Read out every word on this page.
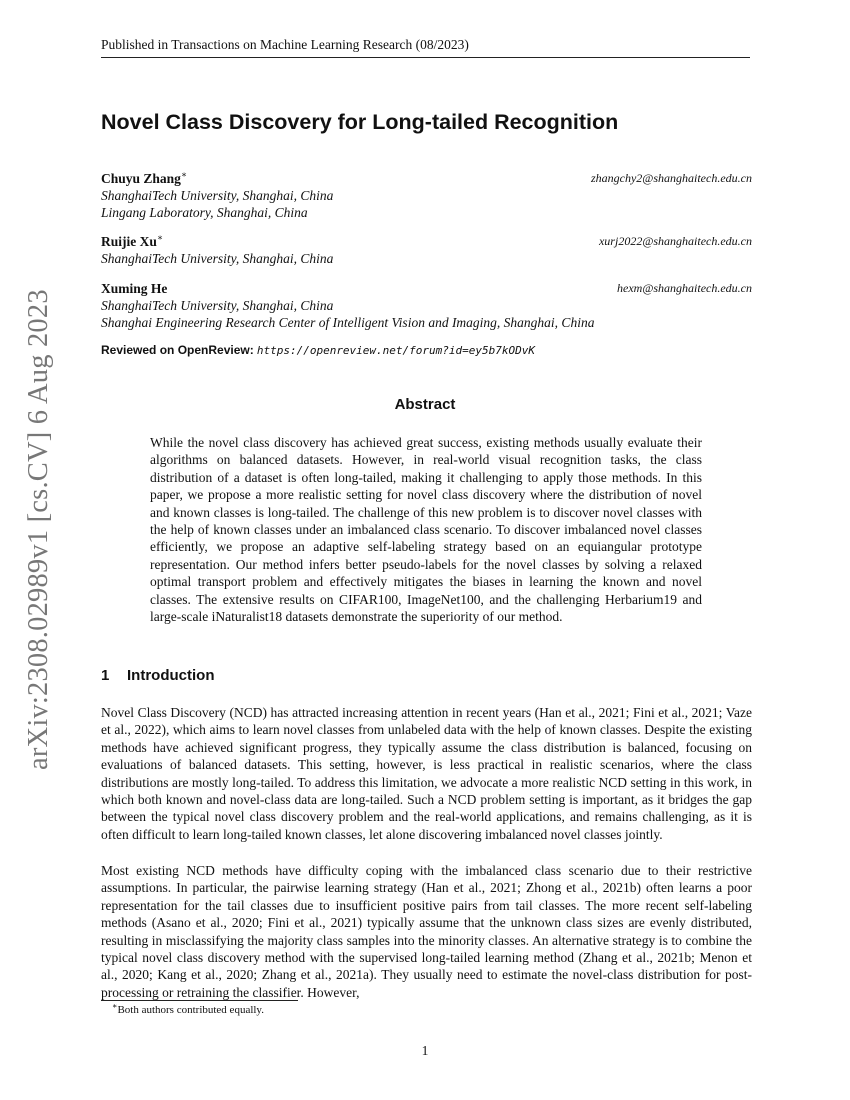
Published in Transactions on Machine Learning Research (08/2023)
arXiv:2308.02989v1 [cs.CV] 6 Aug 2023
Novel Class Discovery for Long-tailed Recognition
Chuyu Zhang∗	zhangchy2@shanghaitech.edu.cn
ShanghaiTech University, Shanghai, China
Lingang Laboratory, Shanghai, China
Ruijie Xu∗	xurj2022@shanghaitech.edu.cn
ShanghaiTech University, Shanghai, China
Xuming He	hexm@shanghaitech.edu.cn
ShanghaiTech University, Shanghai, China
Shanghai Engineering Research Center of Intelligent Vision and Imaging, Shanghai, China
Reviewed on OpenReview: https://openreview.net/forum?id=ey5b7kODvK
Abstract
While the novel class discovery has achieved great success, existing methods usually evaluate their algorithms on balanced datasets. However, in real-world visual recognition tasks, the class distribution of a dataset is often long-tailed, making it challenging to apply those methods. In this paper, we propose a more realistic setting for novel class discovery where the distribution of novel and known classes is long-tailed. The challenge of this new problem is to discover novel classes with the help of known classes under an imbalanced class scenario. To discover imbalanced novel classes efficiently, we propose an adaptive self-labeling strategy based on an equiangular prototype representation. Our method infers better pseudo-labels for the novel classes by solving a relaxed optimal transport problem and effectively mitigates the biases in learning the known and novel classes. The extensive results on CIFAR100, ImageNet100, and the challenging Herbarium19 and large-scale iNaturalist18 datasets demonstrate the superiority of our method.
1 Introduction
Novel Class Discovery (NCD) has attracted increasing attention in recent years (Han et al., 2021; Fini et al., 2021; Vaze et al., 2022), which aims to learn novel classes from unlabeled data with the help of known classes. Despite the existing methods have achieved significant progress, they typically assume the class distribution is balanced, focusing on evaluations of balanced datasets. This setting, however, is less practical in realistic scenarios, where the class distributions are mostly long-tailed. To address this limitation, we advocate a more realistic NCD setting in this work, in which both known and novel-class data are long-tailed. Such a NCD problem setting is important, as it bridges the gap between the typical novel class discovery problem and the real-world applications, and remains challenging, as it is often difficult to learn long-tailed known classes, let alone discovering imbalanced novel classes jointly.
Most existing NCD methods have difficulty coping with the imbalanced class scenario due to their restrictive assumptions. In particular, the pairwise learning strategy (Han et al., 2021; Zhong et al., 2021b) often learns a poor representation for the tail classes due to insufficient positive pairs from tail classes. The more recent self-labeling methods (Asano et al., 2020; Fini et al., 2021) typically assume that the unknown class sizes are evenly distributed, resulting in misclassifying the majority class samples into the minority classes. An alternative strategy is to combine the typical novel class discovery method with the supervised long-tailed learning method (Zhang et al., 2021b; Menon et al., 2020; Kang et al., 2020; Zhang et al., 2021a). They usually need to estimate the novel-class distribution for post-processing or retraining the classifier. However,
∗Both authors contributed equally.
1
